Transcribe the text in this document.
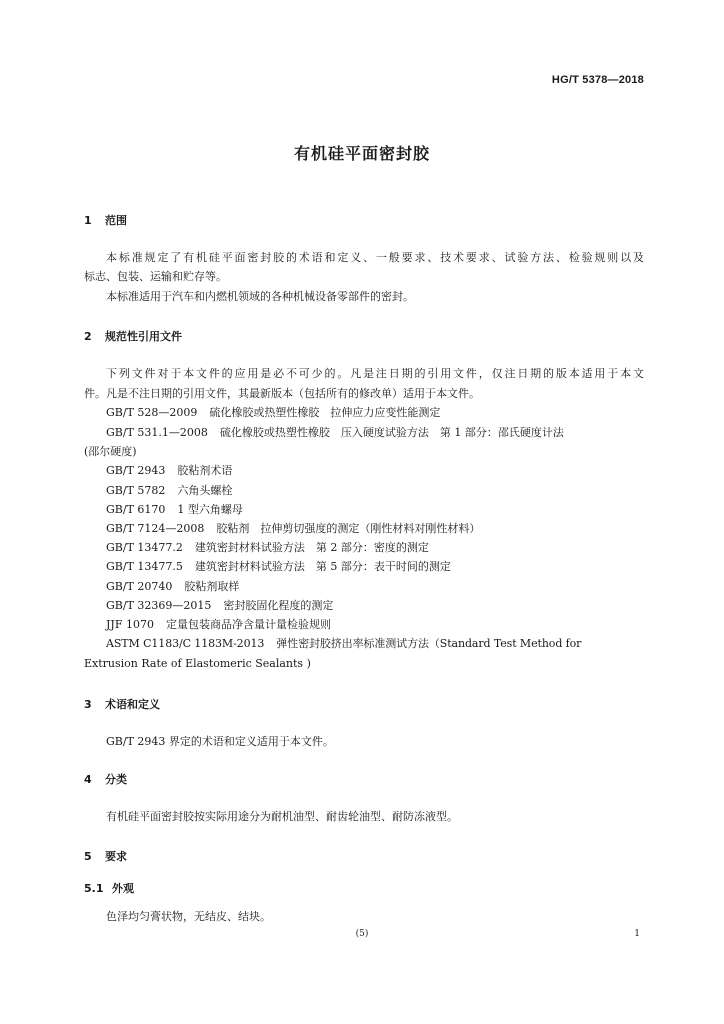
HG/T 5378—2018
有机硅平面密封胶
1 范围
本标准规定了有机硅平面密封胶的术语和定义、一般要求、技术要求、试验方法、检验规则以及
标志、包装、运输和贮存等。
本标准适用于汽车和内燃机领域的各种机械设备零部件的密封。
2 规范性引用文件
下列文件对于本文件的应用是必不可少的。凡是注日期的引用文件，仅注日期的版本适用于本文
件。凡是不注日期的引用文件，其最新版本（包括所有的修改单）适用于本文件。
GB/T 528—2009 硫化橡胶或热塑性橡胶　拉伸应力应变性能测定
GB/T 531.1—2008 硫化橡胶或热塑性橡胶　压入硬度试验方法　第 1 部分：邵氏硬度计法
(邵尔硬度)
GB/T 2943 胶粘剂术语
GB/T 5782 六角头螺栓
GB/T 6170 1 型六角螺母
GB/T 7124—2008 胶粘剂　拉伸剪切强度的测定（刚性材料对刚性材料）
GB/T 13477.2 建筑密封材料试验方法　第 2 部分：密度的测定
GB/T 13477.5 建筑密封材料试验方法　第 5 部分：表干时间的测定
GB/T 20740 胶粘剂取样
GB/T 32369—2015 密封胶固化程度的测定
JJF 1070 定量包装商品净含量计量检验规则
ASTM C1183/C 1183M-2013 弹性密封胶挤出率标准测试方法（Standard Test Method for
Extrusion Rate of Elastomeric Sealants )
3 术语和定义
GB/T 2943 界定的术语和定义适用于本文件。
4 分类
有机硅平面密封胶按实际用途分为耐机油型、耐齿轮油型、耐防冻液型。
5 要求
5.1 外观
色泽均匀膏状物，无结皮、结块。
(5)	1
